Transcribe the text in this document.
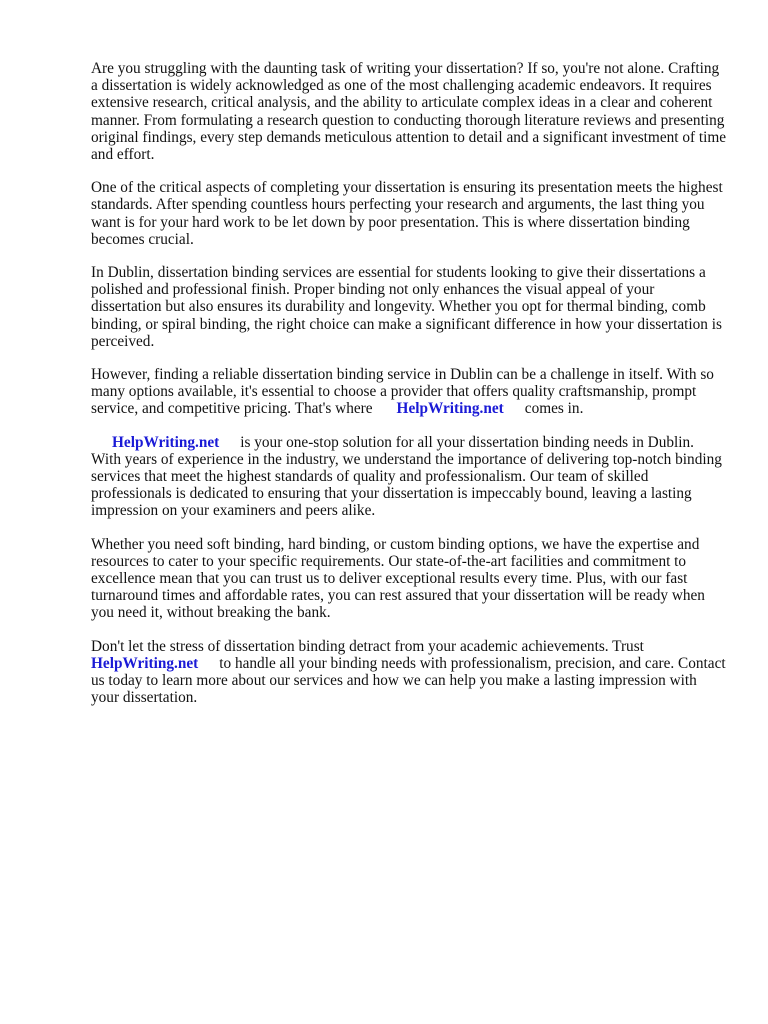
Are you struggling with the daunting task of writing your dissertation? If so, you're not alone. Crafting a dissertation is widely acknowledged as one of the most challenging academic endeavors. It requires extensive research, critical analysis, and the ability to articulate complex ideas in a clear and coherent manner. From formulating a research question to conducting thorough literature reviews and presenting original findings, every step demands meticulous attention to detail and a significant investment of time and effort.

One of the critical aspects of completing your dissertation is ensuring its presentation meets the highest standards. After spending countless hours perfecting your research and arguments, the last thing you want is for your hard work to be let down by poor presentation. This is where dissertation binding becomes crucial.

In Dublin, dissertation binding services are essential for students looking to give their dissertations a polished and professional finish. Proper binding not only enhances the visual appeal of your dissertation but also ensures its durability and longevity. Whether you opt for thermal binding, comb binding, or spiral binding, the right choice can make a significant difference in how your dissertation is perceived.

However, finding a reliable dissertation binding service in Dublin can be a challenge in itself. With so many options available, it's essential to choose a provider that offers quality craftsmanship, prompt service, and competitive pricing. That's where HelpWriting.net comes in.

HelpWriting.net is your one-stop solution for all your dissertation binding needs in Dublin. With years of experience in the industry, we understand the importance of delivering top-notch binding services that meet the highest standards of quality and professionalism. Our team of skilled professionals is dedicated to ensuring that your dissertation is impeccably bound, leaving a lasting impression on your examiners and peers alike.

Whether you need soft binding, hard binding, or custom binding options, we have the expertise and resources to cater to your specific requirements. Our state-of-the-art facilities and commitment to excellence mean that you can trust us to deliver exceptional results every time. Plus, with our fast turnaround times and affordable rates, you can rest assured that your dissertation will be ready when you need it, without breaking the bank.

Don't let the stress of dissertation binding detract from your academic achievements. Trust
HelpWriting.net to handle all your binding needs with professionalism, precision, and care. Contact us today to learn more about our services and how we can help you make a lasting impression with your dissertation.
